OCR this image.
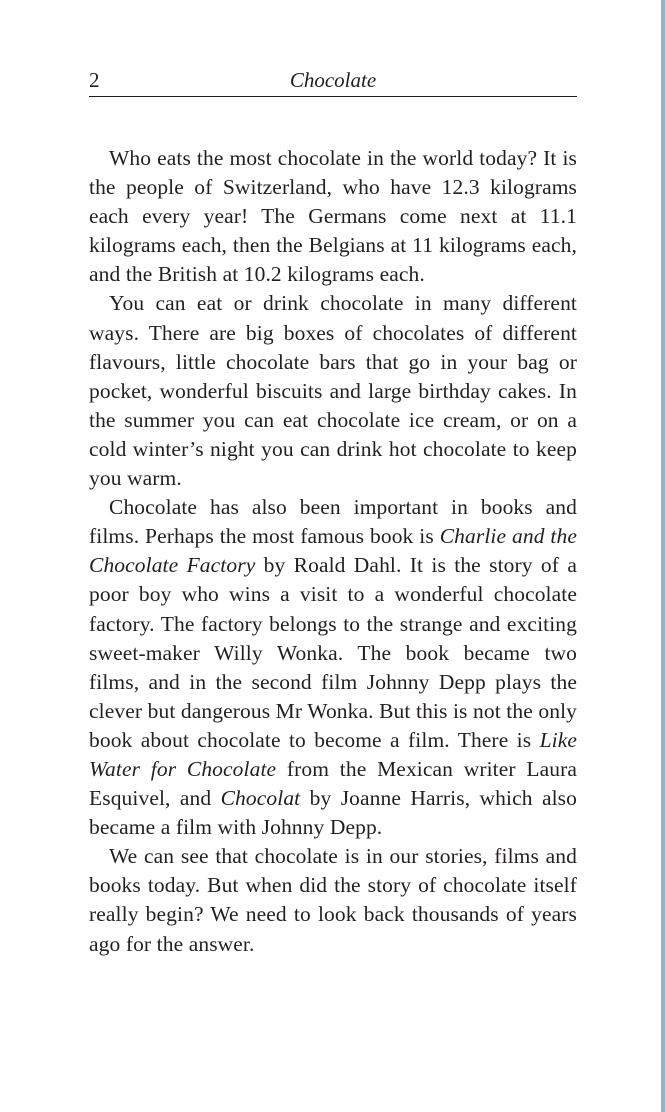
2	Chocolate

Who eats the most chocolate in the world today? It is the people of Switzerland, who have 12.3 kilograms each every year! The Germans come next at 11.1 kilograms each, then the Belgians at 11 kilograms each, and the British at 10.2 kilograms each.

You can eat or drink chocolate in many different ways. There are big boxes of chocolates of different flavours, little chocolate bars that go in your bag or pocket, wonderful biscuits and large birthday cakes. In the summer you can eat chocolate ice cream, or on a cold winter’s night you can drink hot chocolate to keep you warm.

Chocolate has also been important in books and films. Perhaps the most famous book is Charlie and the Chocolate Factory by Roald Dahl. It is the story of a poor boy who wins a visit to a wonderful chocolate factory. The factory belongs to the strange and exciting sweet-maker Willy Wonka. The book became two films, and in the second film Johnny Depp plays the clever but dangerous Mr Wonka. But this is not the only book about chocolate to become a film. There is Like Water for Chocolate from the Mexican writer Laura Esquivel, and Chocolat by Joanne Harris, which also became a film with Johnny Depp.

We can see that chocolate is in our stories, films and books today. But when did the story of chocolate itself really begin? We need to look back thousands of years ago for the answer.
